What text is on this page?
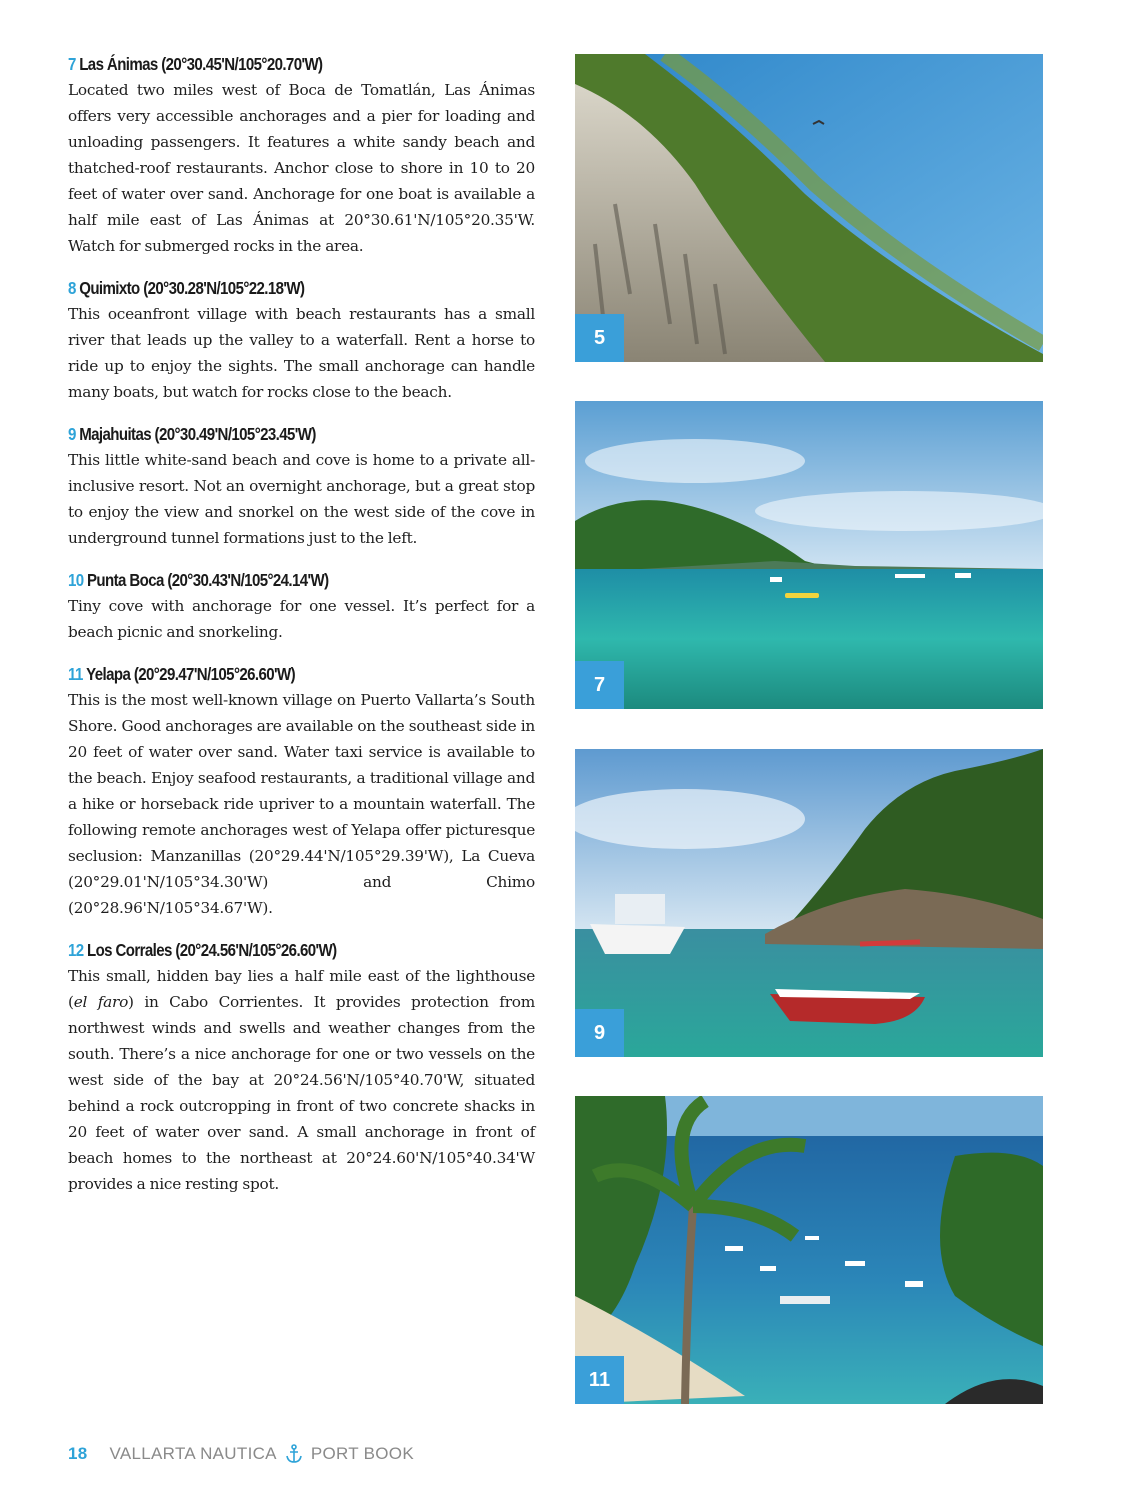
7 Las Ánimas (20°30.45'N/105°20.70'W)

Located two miles west of Boca de Tomatlán, Las Ánimas offers very accessible anchorages and a pier for loading and unloading passengers. It features a white sandy beach and thatched-roof restaurants. Anchor close to shore in 10 to 20 feet of water over sand. Anchorage for one boat is available a half mile east of Las Ánimas at 20°30.61'N/105°20.35'W. Watch for submerged rocks in the area.

8 Quimixto (20°30.28'N/105°22.18'W)

This oceanfront village with beach restaurants has a small river that leads up the valley to a waterfall. Rent a horse to ride up to enjoy the sights. The small anchorage can handle many boats, but watch for rocks close to the beach.

9 Majahuitas (20°30.49'N/105°23.45'W)

This little white-sand beach and cove is home to a private all-inclusive resort. Not an overnight anchorage, but a great stop to enjoy the view and snorkel on the west side of the cove in underground tunnel formations just to the left.

10 Punta Boca (20°30.43'N/105°24.14'W)

Tiny cove with anchorage for one vessel. It’s perfect for a beach picnic and snorkeling.

11 Yelapa (20°29.47'N/105°26.60'W)

This is the most well-known village on Puerto Vallarta’s South Shore. Good anchorages are available on the southeast side in 20 feet of water over sand. Water taxi service is available to the beach. Enjoy seafood restaurants, a traditional village and a hike or horseback ride upriver to a mountain waterfall. The following remote anchorages west of Yelapa offer picturesque seclusion: Manzanillas (20°29.44'N/105°29.39'W), La Cueva (20°29.01'N/105°34.30'W) and Chimo (20°28.96'N/105°34.67'W).

12 Los Corrales (20°24.56'N/105°26.60'W)

This small, hidden bay lies a half mile east of the lighthouse (el faro) in Cabo Corrientes. It provides protection from northwest winds and swells and weather changes from the south. There’s a nice anchorage for one or two vessels on the west side of the bay at 20°24.56'N/105°40.70'W, situated behind a rock outcropping in front of two concrete shacks in 20 feet of water over sand. A small anchorage in front of beach homes to the northeast at 20°24.60'N/105°40.34'W provides a nice resting spot.

5
7
9
11
18 VALLARTA NAUTICA PORT BOOK
